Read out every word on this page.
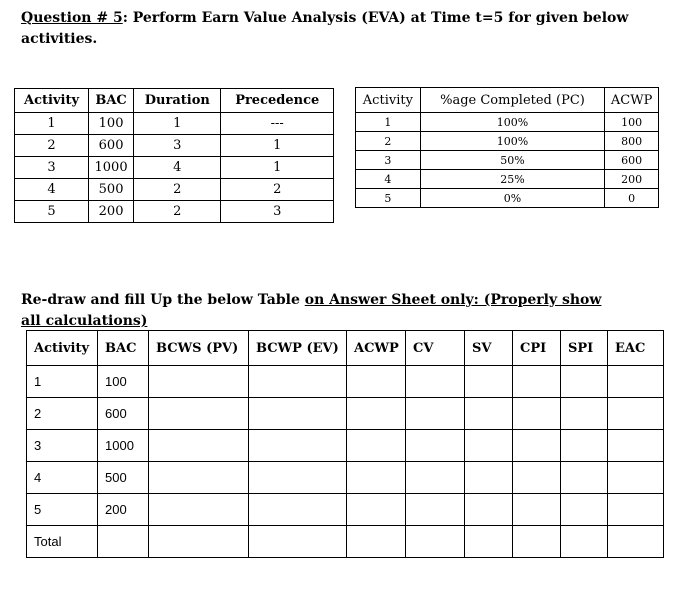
Question # 5: Perform Earn Value Analysis (EVA) at Time t=5 for given below activities.
Activity	BAC	Duration	Precedence
1	100	1	---
2	600	3	1
3	1000	4	1
4	500	2	2
5	200	2	3
Activity	%age Completed (PC)	ACWP
1	100%	100
2	100%	800
3	50%	600
4	25%	200
5	0%	0
Re-draw and fill Up the below Table on Answer Sheet only: (Properly show all calculations)
Activity	BAC	BCWS (PV)	BCWP (EV)	ACWP	CV	SV	CPI	SPI	EAC
1	100								
2	600								
3	1000								
4	500								
5	200								
Total									
